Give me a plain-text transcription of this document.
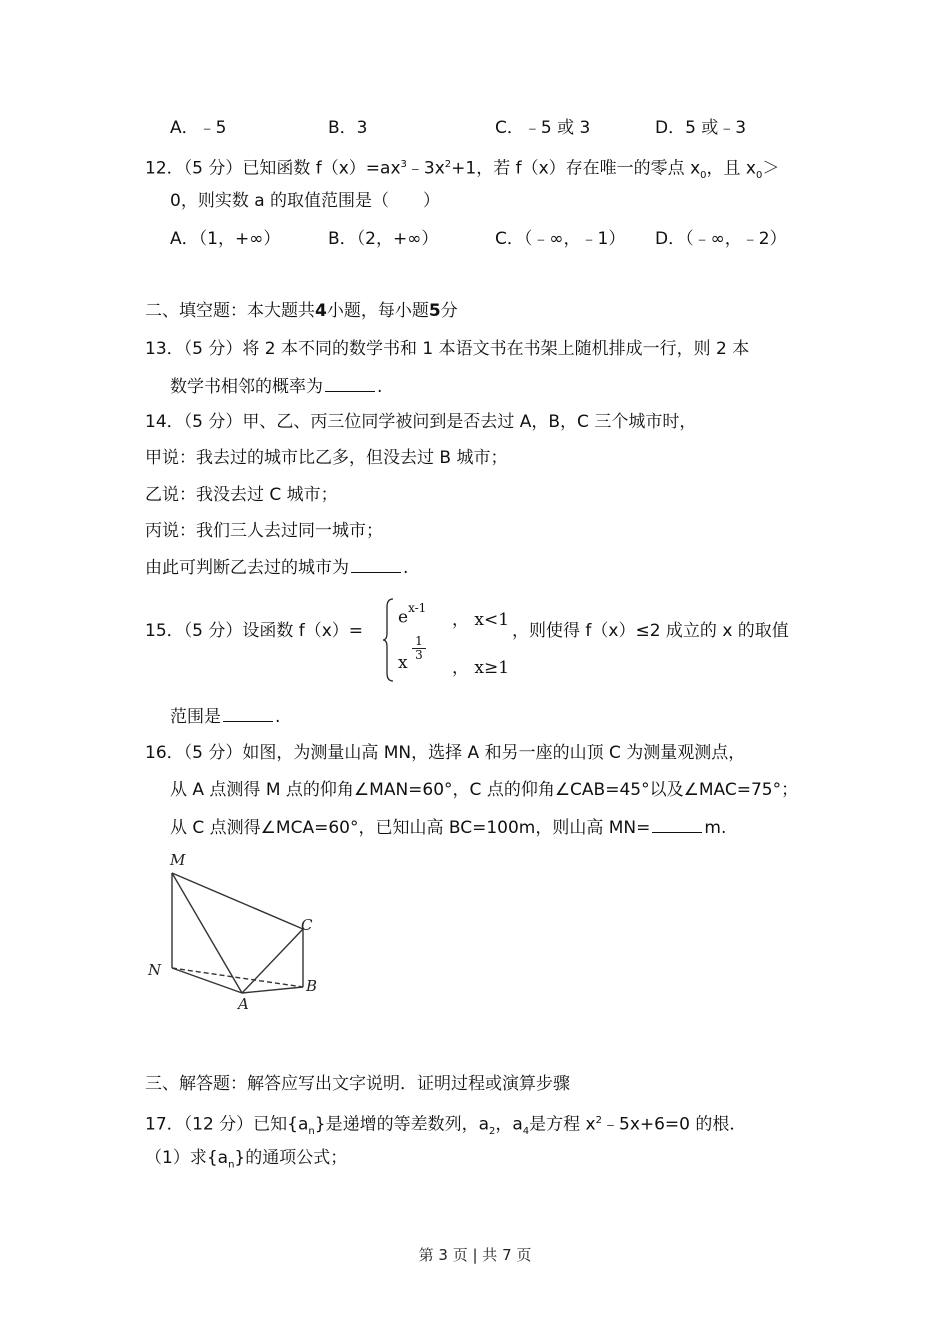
A．﹣5	B．3	C．﹣5 或 3	D．5 或﹣3
12．（5 分）已知函数 $f(x)=ax^3﹣3x^2+1$，若 f（x）存在唯一的零点 $x_0$，且 $x_0>$
0，则实数 a 的取值范围是（　　）
A．（1，+∞）	B．（2，+∞）	C．（﹣∞，﹣1） D．（﹣∞，﹣2）
二、填空题：本大题共4小题，每小题5分
13．（5 分）将 2 本不同的数学书和 1 本语文书在书架上随机排成一行，则 2 本
数学书相邻的概率为	.
14．（5 分）甲、乙、丙三位同学被问到是否去过 A，B，C 三个城市时，
甲说：我去过的城市比乙多，但没去过 B 城市；
乙说：我没去过 C 城市；
丙说：我们三人去过同一城市；
由此可判断乙去过的城市为	.
15．（5 分）设函数 f（x）=
$e^{x-1}$
， x<1
x
$\frac{1}{3}$
， x≥1
，则使得 f（x）≤2 成立的 x 的取值
范围是	.
16．（5 分）如图，为测量山高 MN，选择 A 和另一座的山顶 C 为测量观测点，
从 A 点测得 M 点的仰角∠MAN=60°，C 点的仰角∠CAB=45°以及∠MAC=75°；
从 C 点测得∠MCA=60°，已知山高 BC=100m，则山高 MN=	m.
M
N
A
B
C
三、解答题：解答应写出文字说明．证明过程或演算步骤
17．（12 分）已知$\{a_n\}$是递增的等差数列，$a_2$，$a_4$是方程 $x^2﹣5x+6=0$ 的根．
（1）求$\{a_n\}$的通项公式；
第 3 页 | 共 7 页
